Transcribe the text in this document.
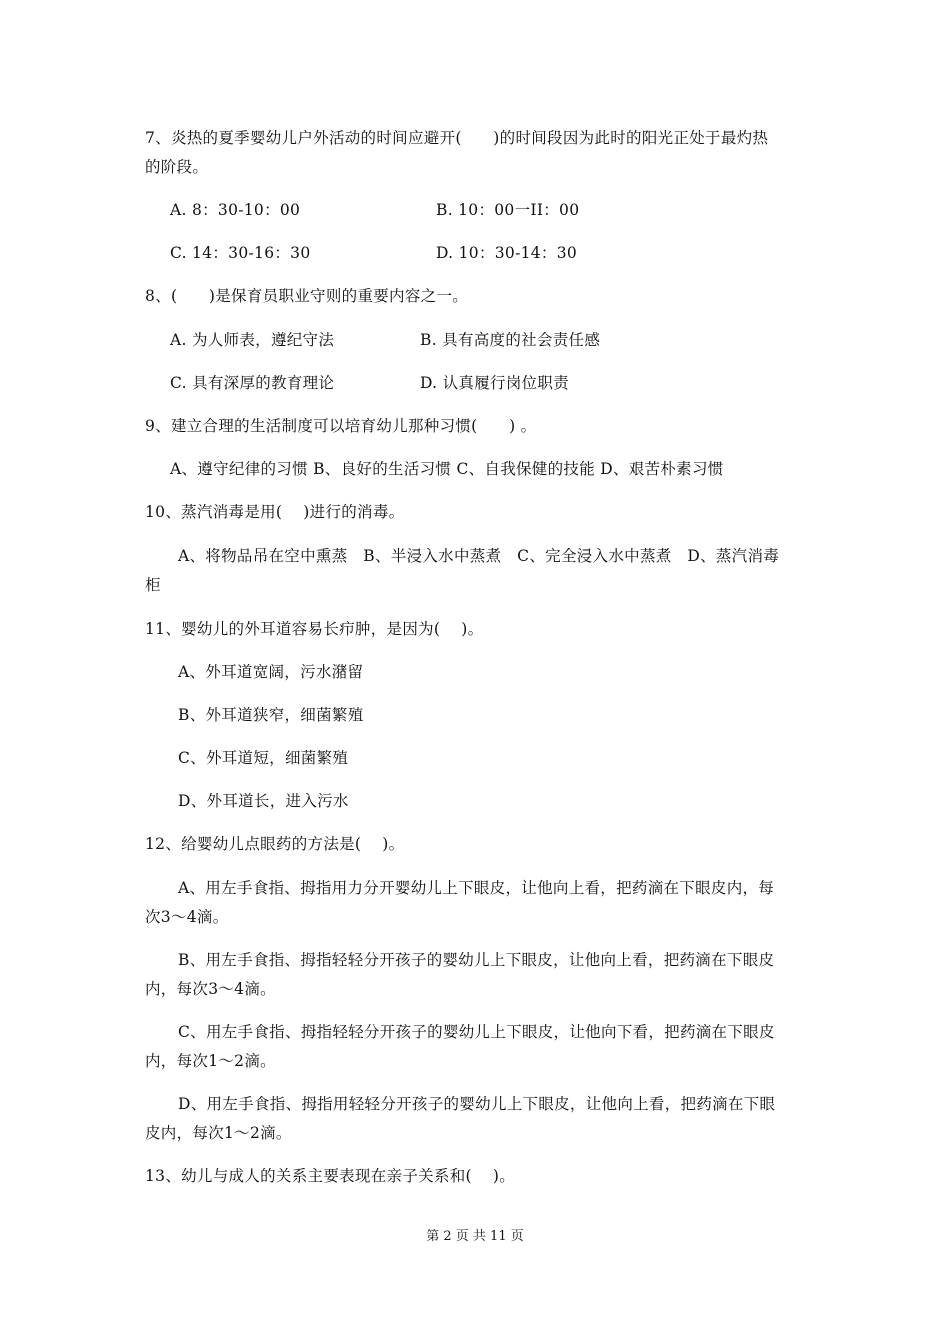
7、炎热的夏季婴幼儿户外活动的时间应避开(　　)的时间段因为此时的阳光正处于最灼热
的阶段。
A. 8：30-10：00	B. 10：00一II：00
C. 14：30-16：30	D. 10：30-14：30
8、(　　)是保育员职业守则的重要内容之一。
A. 为人师表，遵纪守法	B. 具有高度的社会责任感
C. 具有深厚的教育理论	D. 认真履行岗位职责
9、建立合理的生活制度可以培育幼儿那种习惯(　　) 。
A、遵守纪律的习惯 B、良好的生活习惯 C、自我保健的技能 D、艰苦朴素习惯
10、蒸汽消毒是用(　 )进行的消毒。
A、将物品吊在空中熏蒸　B、半浸入水中蒸煮　C、完全浸入水中蒸煮　D、蒸汽消毒
柜
11、婴幼儿的外耳道容易长疖肿，是因为(　 )。
A、外耳道宽阔，污水潴留
B、外耳道狭窄，细菌繁殖
C、外耳道短，细菌繁殖
D、外耳道长，进入污水
12、给婴幼儿点眼药的方法是(　 )。
A、用左手食指、拇指用力分开婴幼儿上下眼皮，让他向上看，把药滴在下眼皮内，每
次3～4滴。
B、用左手食指、拇指轻轻分开孩子的婴幼儿上下眼皮，让他向上看，把药滴在下眼皮
内，每次3～4滴。
C、用左手食指、拇指轻轻分开孩子的婴幼儿上下眼皮，让他向下看，把药滴在下眼皮
内，每次1～2滴。
D、用左手食指、拇指用轻轻分开孩子的婴幼儿上下眼皮，让他向上看，把药滴在下眼
皮内，每次1～2滴。
13、幼儿与成人的关系主要表现在亲子关系和(　 )。
第 2 页 共 11 页
